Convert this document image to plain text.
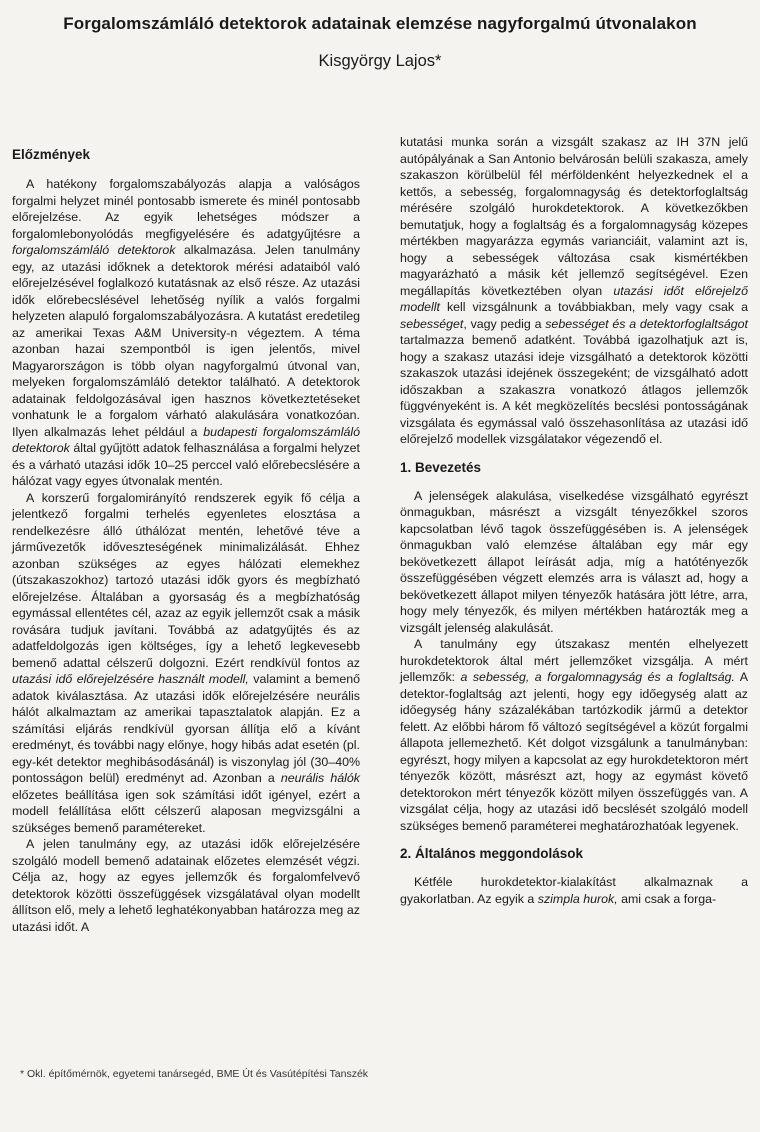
Forgalomszámláló detektorok adatainak elemzése nagyforgalmú útvonalakon
Kisgyörgy Lajos*
Előzmények

A hatékony forgalomszabályozás alapja a valóságos forgalmi helyzet minél pontosabb ismerete és minél pontosabb előrejelzése. Az egyik lehetséges módszer a forgalomlebonyolódás megfigyelésére és adatgyűjtésre a forgalomszámláló detektorok alkalmazása. Jelen tanulmány egy, az utazási időknek a detektorok mérési adataiból való előrejelzésével foglalkozó kutatásnak az első része. Az utazási idők előrebecslésével lehetőség nyílik a valós forgalmi helyzeten alapuló forgalomszabályozásra. A kutatást eredetileg az amerikai Texas A&M University-n végeztem. A téma azonban hazai szempontból is igen jelentős, mivel Magyarországon is több olyan nagyforgalmú útvonal van, melyeken forgalomszámláló detektor található. A detektorok adatainak feldolgozásával igen hasznos következtetéseket vonhatunk le a forgalom várható alakulására vonatkozóan. Ilyen alkalmazás lehet például a budapesti forgalomszámláló detektorok által gyűjtött adatok felhasználása a forgalmi helyzet és a várható utazási idők 10–25 perccel való előrebecslésére a hálózat vagy egyes útvonalak mentén.

A korszerű forgalomirányító rendszerek egyik fő célja a jelentkező forgalmi terhelés egyenletes elosztása a rendelkezésre álló úthálózat mentén, lehetővé téve a járművezetők időveszteségének minimalizálását. Ehhez azonban szükséges az egyes hálózati elemekhez (útszakaszokhoz) tartozó utazási idők gyors és megbízható előrejelzése. Általában a gyorsaság és a megbízhatóság egymással ellentétes cél, azaz az egyik jellemzőt csak a másik rovására tudjuk javítani. Továbbá az adatgyűjtés és az adatfeldolgozás igen költséges, így a lehető legkevesebb bemenő adattal célszerű dolgozni. Ezért rendkívül fontos az utazási idő előrejelzésére használt modell, valamint a bemenő adatok kiválasztása. Az utazási idők előrejelzésére neurális hálót alkalmaztam az amerikai tapasztalatok alapján. Ez a számítási eljárás rendkívül gyorsan állítja elő a kívánt eredményt, és további nagy előnye, hogy hibás adat esetén (pl. egy-két detektor meghibásodásánál) is viszonylag jól (30–40% pontosságon belül) eredményt ad. Azonban a neurális hálók előzetes beállítása igen sok számítási időt igényel, ezért a modell felállítása előtt célszerű alaposan megvizsgálni a szükséges bemenő paramétereket.

A jelen tanulmány egy, az utazási idők előrejelzésére szolgáló modell bemenő adatainak előzetes elemzését végzi. Célja az, hogy az egyes jellemzők és forgalomfelvevő detektorok közötti összefüggések vizsgálatával olyan modellt állítson elő, mely a lehető leghatékonyabban határozza meg az utazási időt. A

kutatási munka során a vizsgált szakasz az IH 37N jelű autópályának a San Antonio belvárosán belüli szakasza, amely szakaszon körülbelül fél mérföldenként helyezkednek el a kettős, a sebesség, forgalomnagyság és detektorfoglaltság mérésére szolgáló hurokdetektorok. A következőkben bemutatjuk, hogy a foglaltság és a forgalomnagyság közepes mértékben magyarázza egymás varianciáit, valamint azt is, hogy a sebességek változása csak kismértékben magyarázható a másik két jellemző segítségével. Ezen megállapítás következtében olyan utazási időt előrejelző modellt kell vizsgálnunk a továbbiakban, mely vagy csak a sebességet, vagy pedig a sebességet és a detektorfoglaltságot tartalmazza bemenő adatként. Továbbá igazolhatjuk azt is, hogy a szakasz utazási ideje vizsgálható a detektorok közötti szakaszok utazási idejének összegeként; de vizsgálható adott időszakban a szakaszra vonatkozó átlagos jellemzők függvényeként is. A két megközelítés becslési pontosságának vizsgálata és egymással való összehasonlítása az utazási idő előrejelző modellek vizsgálatakor végezendő el.

1. Bevezetés

A jelenségek alakulása, viselkedése vizsgálható egyrészt önmagukban, másrészt a vizsgált tényezőkkel szoros kapcsolatban lévő tagok összefüggésében is. A jelenségek önmagukban való elemzése általában egy már egy bekövetkezett állapot leírását adja, míg a hatótényezők összefüggésében végzett elemzés arra is választ ad, hogy a bekövetkezett állapot milyen tényezők hatására jött létre, arra, hogy mely tényezők, és milyen mértékben határozták meg a vizsgált jelenség alakulását.

A tanulmány egy útszakasz mentén elhelyezett hurokdetektorok által mért jellemzőket vizsgálja. A mért jellemzők: a sebesség, a forgalomnagyság és a foglaltság. A detektor-foglaltság azt jelenti, hogy egy időegység alatt az időegység hány százalékában tartózkodik jármű a detektor felett. Az előbbi három fő változó segítségével a közút forgalmi állapota jellemezhető. Két dolgot vizsgálunk a tanulmányban: egyrészt, hogy milyen a kapcsolat az egy hurokdetektoron mért tényezők között, másrészt azt, hogy az egymást követő detektorokon mért tényezők között milyen összefüggés van. A vizsgálat célja, hogy az utazási idő becslését szolgáló modell szükséges bemenő paraméterei meghatározhatóak legyenek.

2. Általános meggondolások

Kétféle hurokdetektor-kialakítást alkalmaznak a gyakorlatban. Az egyik a szimpla hurok, ami csak a forga-

* Okl. építőmérnök, egyetemi tanársegéd, BME Út és Vasútépítési Tanszék
